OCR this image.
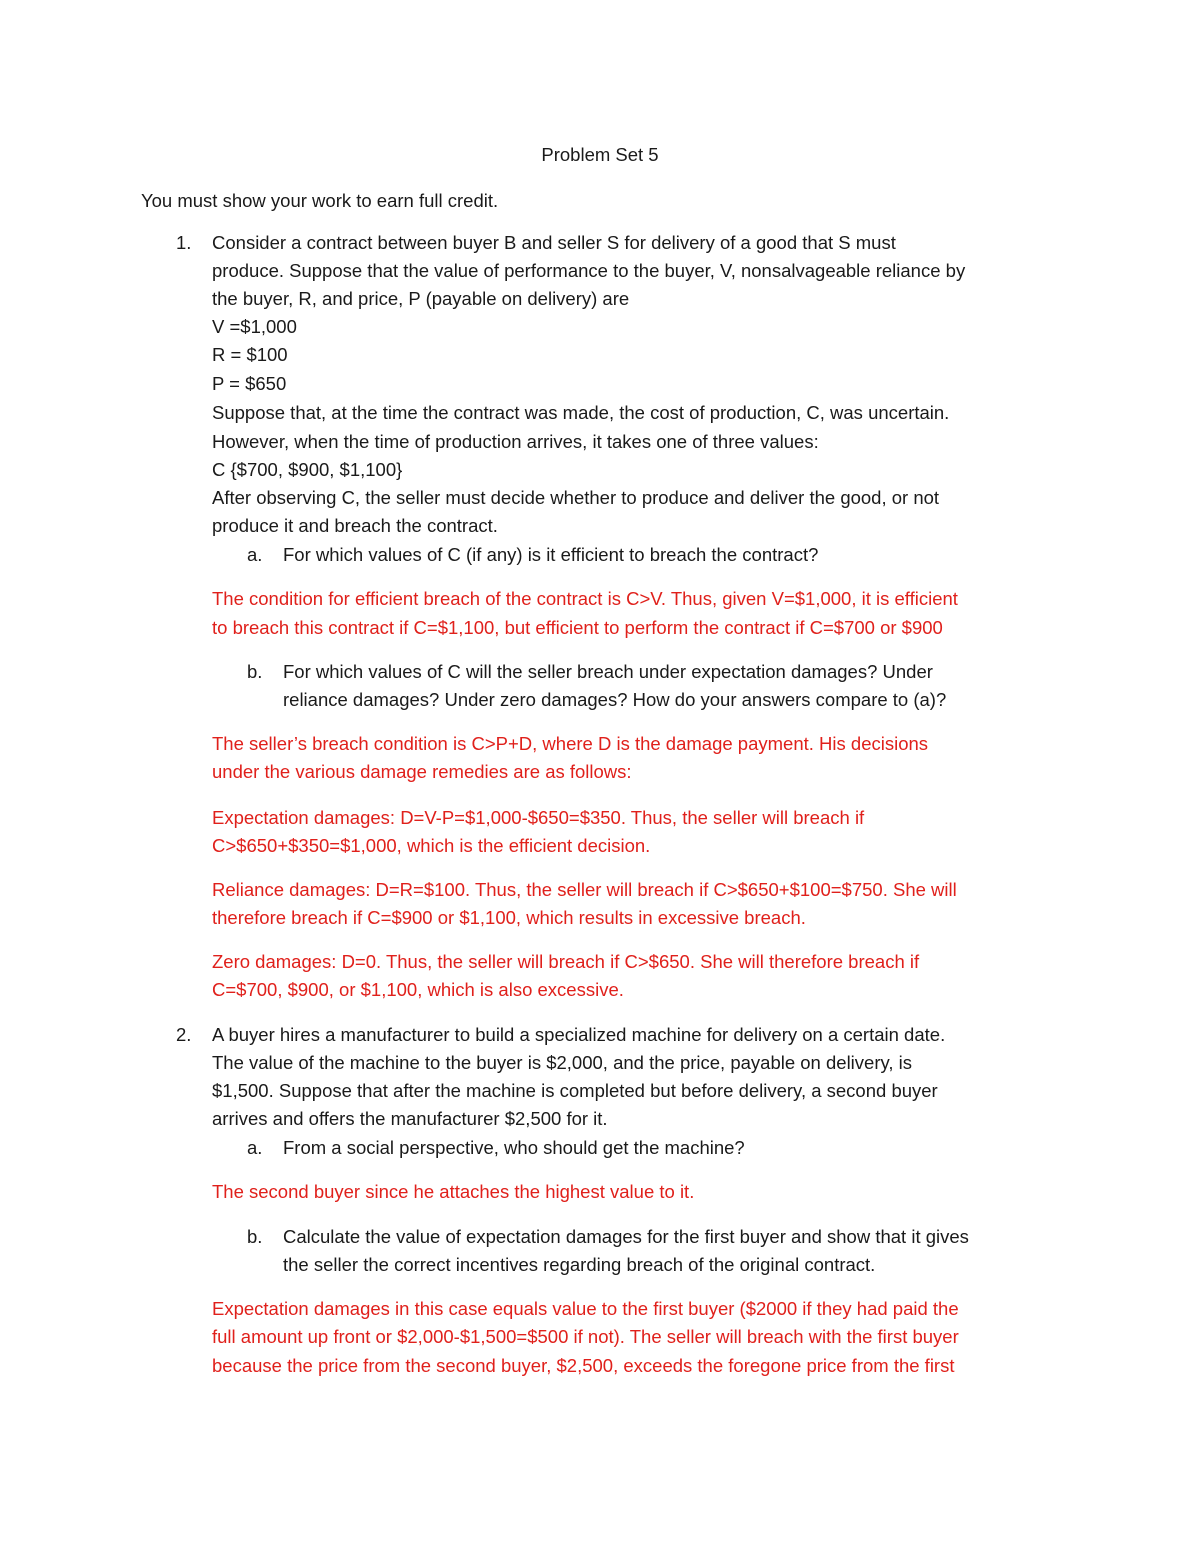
Problem Set 5
You must show your work to earn full credit.
1. Consider a contract between buyer B and seller S for delivery of a good that S must
produce. Suppose that the value of performance to the buyer, V, nonsalvageable reliance by
the buyer, R, and price, P (payable on delivery) are
V =$1,000
R = $100
P = $650
Suppose that, at the time the contract was made, the cost of production, C, was uncertain.
However, when the time of production arrives, it takes one of three values:
C {$700, $900, $1,100}
After observing C, the seller must decide whether to produce and deliver the good, or not
produce it and breach the contract.
a. For which values of C (if any) is it efficient to breach the contract?
The condition for efficient breach of the contract is C>V. Thus, given V=$1,000, it is efficient
to breach this contract if C=$1,100, but efficient to perform the contract if C=$700 or $900
b. For which values of C will the seller breach under expectation damages? Under
reliance damages? Under zero damages? How do your answers compare to (a)?
The seller’s breach condition is C>P+D, where D is the damage payment. His decisions
under the various damage remedies are as follows:
Expectation damages: D=V-P=$1,000-$650=$350. Thus, the seller will breach if
C>$650+$350=$1,000, which is the efficient decision.
Reliance damages: D=R=$100. Thus, the seller will breach if C>$650+$100=$750. She will
therefore breach if C=$900 or $1,100, which results in excessive breach.
Zero damages: D=0. Thus, the seller will breach if C>$650. She will therefore breach if
C=$700, $900, or $1,100, which is also excessive.
2. A buyer hires a manufacturer to build a specialized machine for delivery on a certain date.
The value of the machine to the buyer is $2,000, and the price, payable on delivery, is
$1,500. Suppose that after the machine is completed but before delivery, a second buyer
arrives and offers the manufacturer $2,500 for it.
a. From a social perspective, who should get the machine?
The second buyer since he attaches the highest value to it.
b. Calculate the value of expectation damages for the first buyer and show that it gives
the seller the correct incentives regarding breach of the original contract.
Expectation damages in this case equals value to the first buyer ($2000 if they had paid the
full amount up front or $2,000-$1,500=$500 if not). The seller will breach with the first buyer
because the price from the second buyer, $2,500, exceeds the foregone price from the first
